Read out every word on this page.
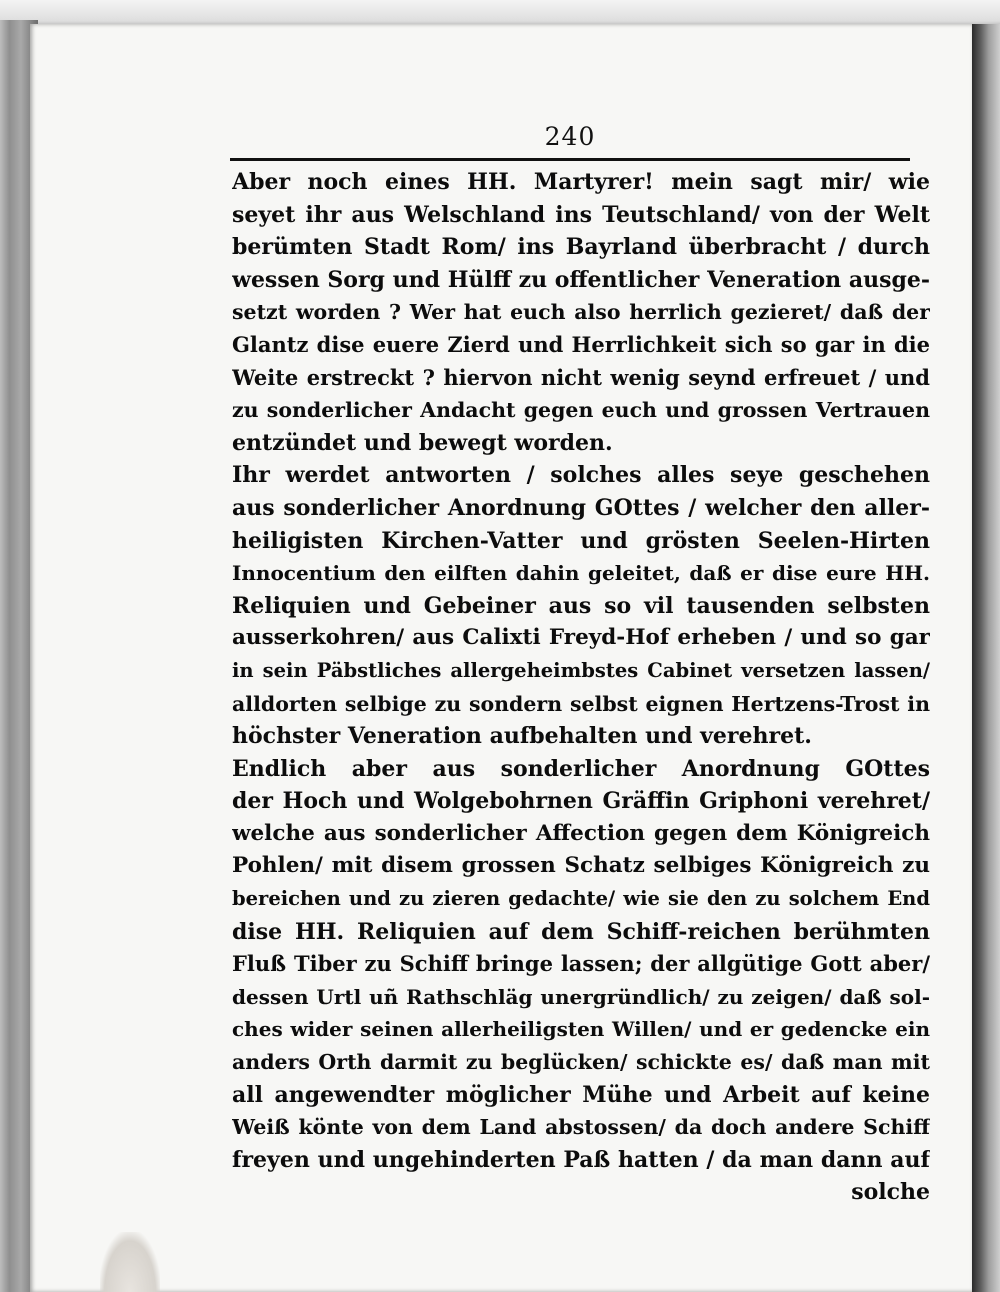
240
Aber noch eines HH. Martyrer! mein sagt mir/ wie
seyet ihr aus Welschland ins Teutschland/ von der Welt
berümten Stadt Rom/ ins Bayrland überbracht / durch
wessen Sorg und Hülff zu offentlicher Veneration ausge-
setzt worden ? Wer hat euch also herrlich gezieret/ daß der
Glantz dise euere Zierd und Herrlichkeit sich so gar in die
Weite erstreckt ? hiervon nicht wenig seynd erfreuet / und
zu sonderlicher Andacht gegen euch und grossen Vertrauen
entzündet und bewegt worden.
Ihr werdet antworten / solches alles seye geschehen
aus sonderlicher Anordnung GOttes / welcher den aller-
heiligisten Kirchen-Vatter und grösten Seelen-Hirten
Innocentium den eilften dahin geleitet, daß er dise eure HH.
Reliquien und Gebeiner aus so vil tausenden selbsten
ausserkohren/ aus Calixti Freyd-Hof erheben / und so gar
in sein Päbstliches allergeheimbstes Cabinet versetzen lassen/
alldorten selbige zu sondern selbst eignen Hertzens-Trost in
höchster Veneration aufbehalten und verehret.
Endlich aber aus sonderlicher Anordnung GOttes
der Hoch und Wolgebohrnen Gräffin Griphoni verehret/
welche aus sonderlicher Affection gegen dem Königreich
Pohlen/ mit disem grossen Schatz selbiges Königreich zu
bereichen und zu zieren gedachte/ wie sie den zu solchem End
dise HH. Reliquien auf dem Schiff-reichen berühmten
Fluß Tiber zu Schiff bringe lassen; der allgütige Gott aber/
dessen Urtl uñ Rathschläg unergründlich/ zu zeigen/ daß sol-
ches wider seinen allerheiligsten Willen/ und er gedencke ein
anders Orth darmit zu beglücken/ schickte es/ daß man mit
all angewendter möglicher Mühe und Arbeit auf keine
Weiß könte von dem Land abstossen/ da doch andere Schiff
freyen und ungehinderten Paß hatten / da man dann auf
solche
